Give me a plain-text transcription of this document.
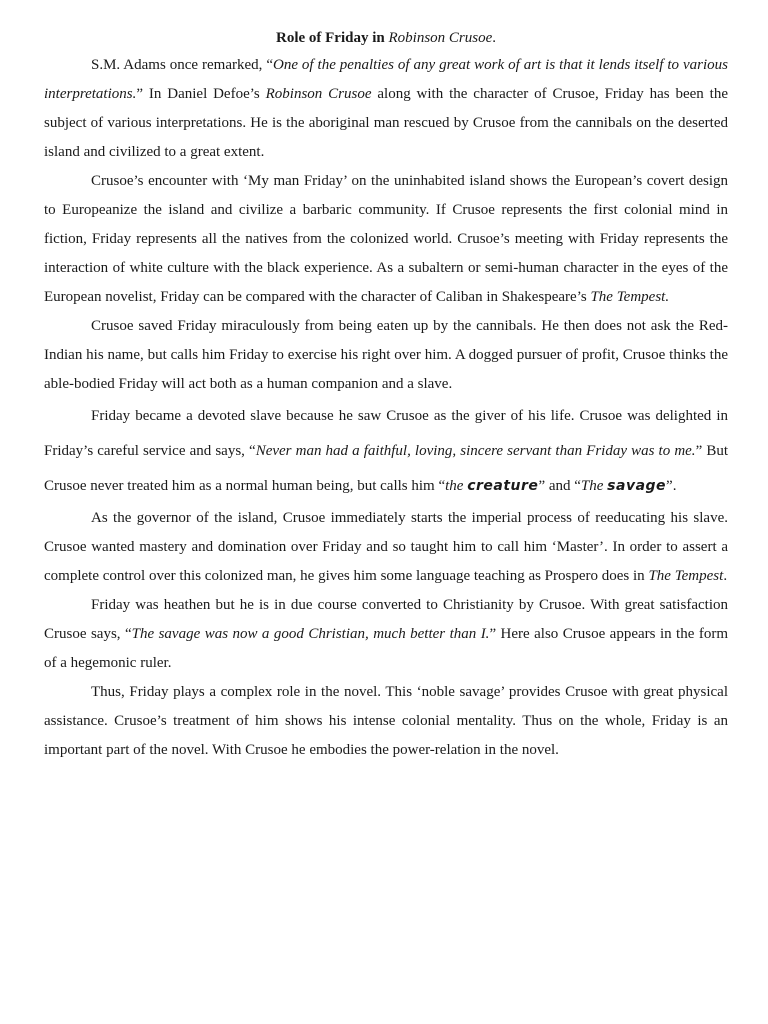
Role of Friday in Robinson Crusoe.

S.M. Adams once remarked, “One of the penalties of any great work of art is that it lends itself to various interpretations.” In Daniel Defoe’s Robinson Crusoe along with the character of Crusoe, Friday has been the subject of various interpretations. He is the aboriginal man rescued by Crusoe from the cannibals on the deserted island and civilized to a great extent.

Crusoe’s encounter with ‘My man Friday’ on the uninhabited island shows the European’s covert design to Europeanize the island and civilize a barbaric community. If Crusoe represents the first colonial mind in fiction, Friday represents all the natives from the colonized world. Crusoe’s meeting with Friday represents the interaction of white culture with the black experience. As a subaltern or semi-human character in the eyes of the European novelist, Friday can be compared with the character of Caliban in Shakespeare’s The Tempest.

Crusoe saved Friday miraculously from being eaten up by the cannibals. He then does not ask the Red-Indian his name, but calls him Friday to exercise his right over him. A dogged pursuer of profit, Crusoe thinks the able-bodied Friday will act both as a human companion and a slave.

Friday became a devoted slave because he saw Crusoe as the giver of his life. Crusoe was delighted in Friday’s careful service and says, “Never man had a faithful, loving, sincere servant than Friday was to me.” But Crusoe never treated him as a normal human being, but calls him “the creature” and “The savage”.

As the governor of the island, Crusoe immediately starts the imperial process of reeducating his slave. Crusoe wanted mastery and domination over Friday and so taught him to call him ‘Master’. In order to assert a complete control over this colonized man, he gives him some language teaching as Prospero does in The Tempest.

Friday was heathen but he is in due course converted to Christianity by Crusoe. With great satisfaction Crusoe says, “The savage was now a good Christian, much better than I.” Here also Crusoe appears in the form of a hegemonic ruler.

Thus, Friday plays a complex role in the novel. This ‘noble savage’ provides Crusoe with great physical assistance. Crusoe’s treatment of him shows his intense colonial mentality. Thus on the whole, Friday is an important part of the novel. With Crusoe he embodies the power-relation in the novel.
